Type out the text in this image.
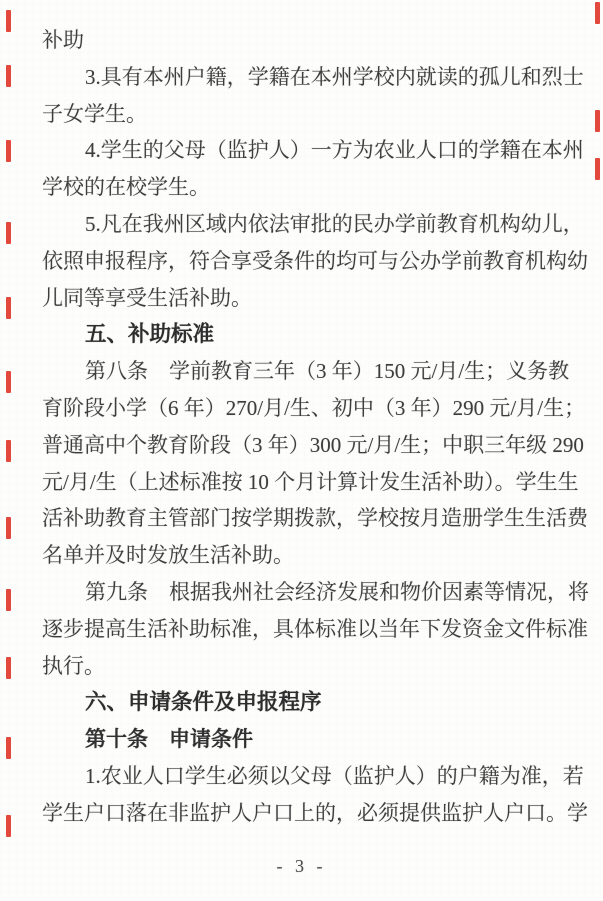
补助
3.具有本州户籍，学籍在本州学校内就读的孤儿和烈士
子女学生。
4.学生的父母（监护人）一方为农业人口的学籍在本州
学校的在校学生。
5.凡在我州区域内依法审批的民办学前教育机构幼儿，
依照申报程序，符合享受条件的均可与公办学前教育机构幼
儿同等享受生活补助。
五、补助标准
第八条　学前教育三年（3 年）150 元/月/生；义务教
育阶段小学（6 年）270/月/生、初中（3 年）290 元/月/生；
普通高中个教育阶段（3 年）300 元/月/生；中职三年级 290
元/月/生（上述标准按 10 个月计算计发生活补助）。学生生
活补助教育主管部门按学期拨款，学校按月造册学生生活费
名单并及时发放生活补助。
第九条　根据我州社会经济发展和物价因素等情况，将
逐步提高生活补助标准，具体标准以当年下发资金文件标准
执行。
六、申请条件及申报程序
第十条　申请条件
1.农业人口学生必须以父母（监护人）的户籍为准，若
学生户口落在非监护人户口上的，必须提供监护人户口。学
- 3 -
